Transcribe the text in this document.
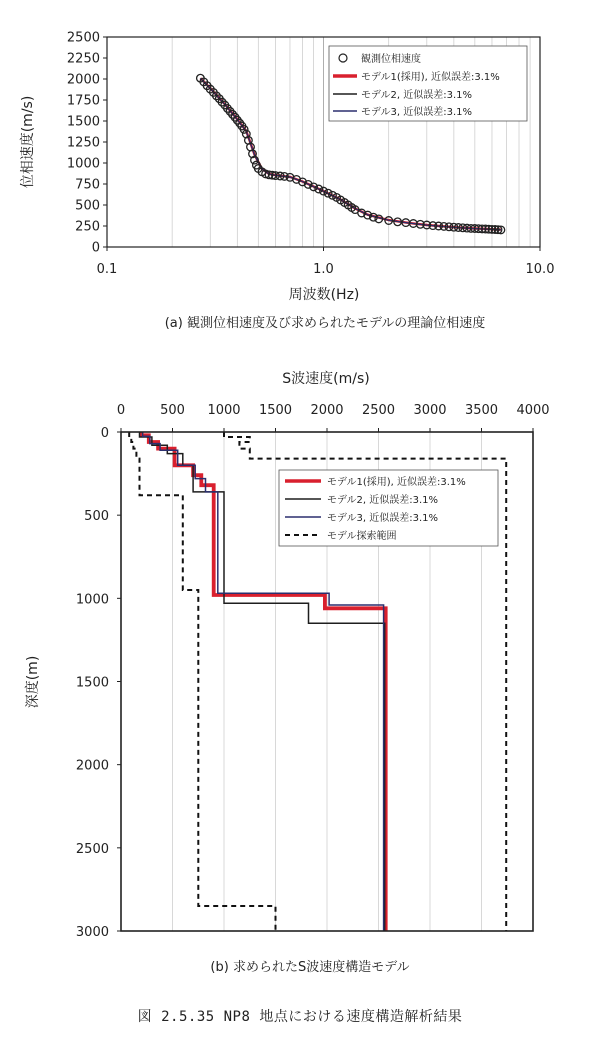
0
250
500
750
1000
1250
1500
1750
2000
2250
2500
0.1	1.0	10.0
位相速度(m/s)
周波数(Hz)
(a) 観測位相速度及び求められたモデルの理論位相速度
観測位相速度
モデル1(採用), 近似誤差:3.1%
モデル2, 近似誤差:3.1%
モデル3, 近似誤差:3.1%
0	500 1000 1500 2000 2500 3000 3500 4000
0
500
1000
1500
2000
2500
3000
S波速度(m/s)
深度(m)
(b) 求められたS波速度構造モデル
モデル1(採用), 近似誤差:3.1%
モデル2, 近似誤差:3.1%
モデル3, 近似誤差:3.1%
モデル探索範囲
図 2.5.35 NP8 地点における速度構造解析結果
